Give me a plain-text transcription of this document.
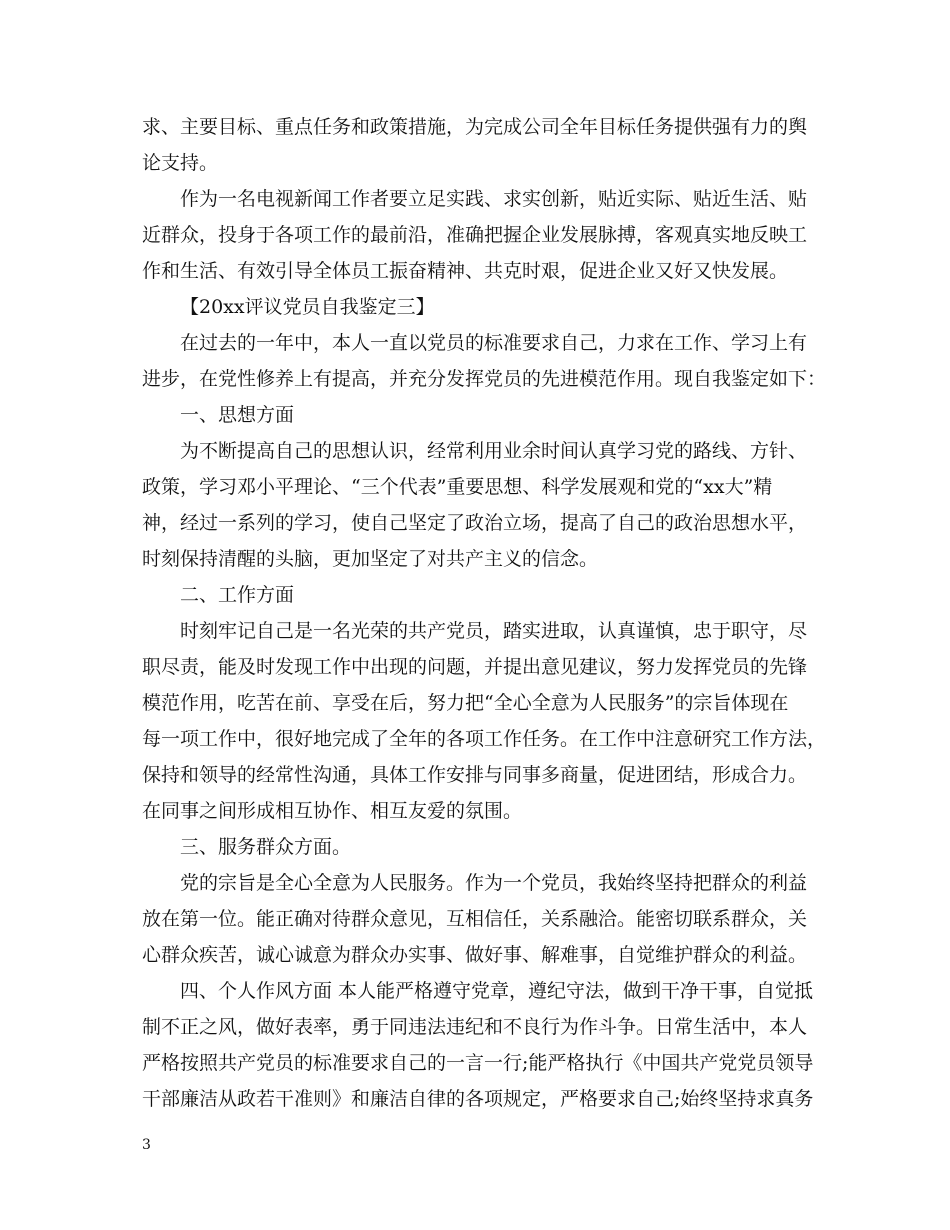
求、主要目标、重点任务和政策措施，为完成公司全年目标任务提供强有力的舆
论支持。
作为一名电视新闻工作者要立足实践、求实创新，贴近实际、贴近生活、贴
近群众，投身于各项工作的最前沿，准确把握企业发展脉搏，客观真实地反映工
作和生活、有效引导全体员工振奋精神、共克时艰，促进企业又好又快发展。
【20xx评议党员自我鉴定三】
在过去的一年中，本人一直以党员的标准要求自己，力求在工作、学习上有
进步，在党性修养上有提高，并充分发挥党员的先进模范作用。现自我鉴定如下：
一、思想方面
为不断提高自己的思想认识，经常利用业余时间认真学习党的路线、方针、
政策，学习邓小平理论、“三个代表”重要思想、科学发展观和党的“xx大”精
神，经过一系列的学习，使自己坚定了政治立场，提高了自己的政治思想水平，
时刻保持清醒的头脑，更加坚定了对共产主义的信念。
二、工作方面
时刻牢记自己是一名光荣的共产党员，踏实进取，认真谨慎，忠于职守，尽
职尽责，能及时发现工作中出现的问题，并提出意见建议，努力发挥党员的先锋
模范作用，吃苦在前、享受在后，努力把“全心全意为人民服务”的宗旨体现在
每一项工作中，很好地完成了全年的各项工作任务。在工作中注意研究工作方法，
保持和领导的经常性沟通，具体工作安排与同事多商量，促进团结，形成合力。
在同事之间形成相互协作、相互友爱的氛围。
三、服务群众方面。
党的宗旨是全心全意为人民服务。作为一个党员，我始终坚持把群众的利益
放在第一位。能正确对待群众意见，互相信任，关系融洽。能密切联系群众，关
心群众疾苦，诚心诚意为群众办实事、做好事、解难事，自觉维护群众的利益。
四、个人作风方面 本人能严格遵守党章，遵纪守法，做到干净干事，自觉抵
制不正之风，做好表率，勇于同违法违纪和不良行为作斗争。日常生活中，本人
严格按照共产党员的标准要求自己的一言一行;能严格执行《中国共产党党员领导
干部廉洁从政若干准则》和廉洁自律的各项规定，严格要求自己;始终坚持求真务
3
